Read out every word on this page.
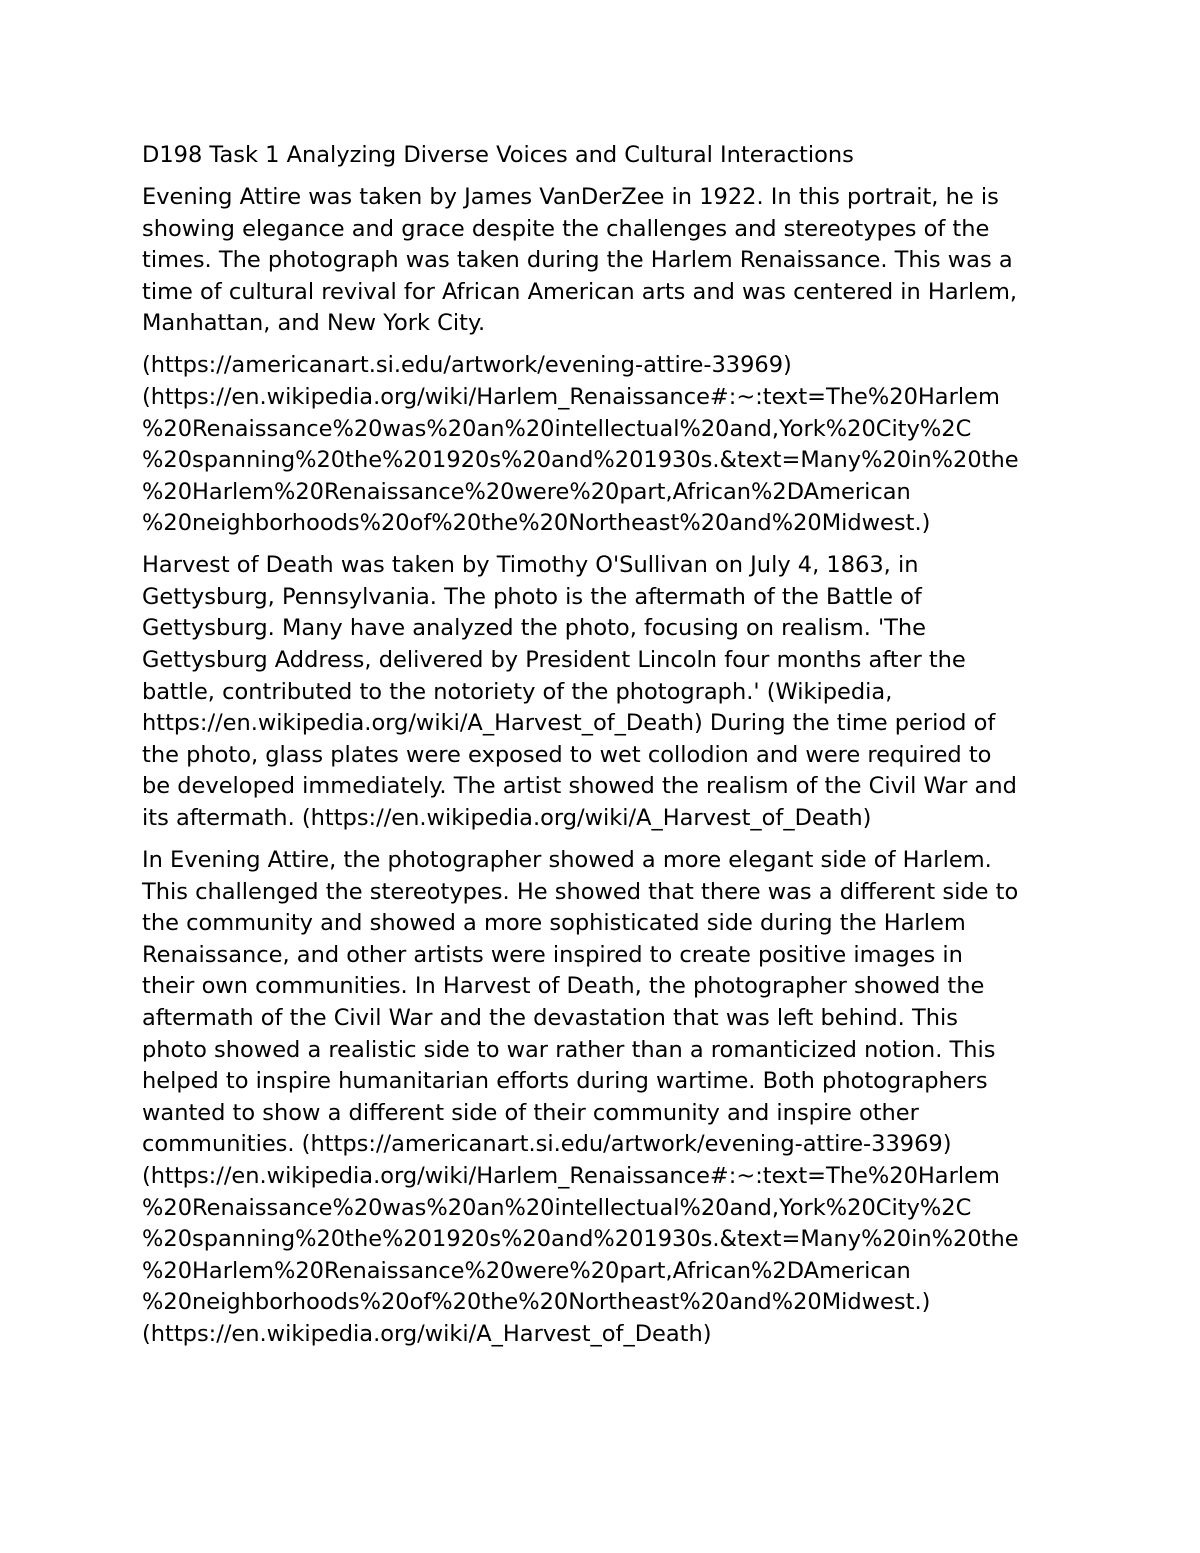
D198 Task 1 Analyzing Diverse Voices and Cultural Interactions
Evening Attire was taken by James VanDerZee in 1922. In this portrait, he is
showing elegance and grace despite the challenges and stereotypes of the
times. The photograph was taken during the Harlem Renaissance. This was a
time of cultural revival for African American arts and was centered in Harlem,
Manhattan, and New York City.
(https://americanart.si.edu/artwork/evening-attire-33969)
(https://en.wikipedia.org/wiki/Harlem_Renaissance#:~:text=The%20Harlem
%20Renaissance%20was%20an%20intellectual%20and,York%20City%2C
%20spanning%20the%201920s%20and%201930s.&text=Many%20in%20the
%20Harlem%20Renaissance%20were%20part,African%2DAmerican
%20neighborhoods%20of%20the%20Northeast%20and%20Midwest.)
Harvest of Death was taken by Timothy O'Sullivan on July 4, 1863, in
Gettysburg, Pennsylvania. The photo is the aftermath of the Battle of
Gettysburg. Many have analyzed the photo, focusing on realism. 'The
Gettysburg Address, delivered by President Lincoln four months after the
battle, contributed to the notoriety of the photograph.' (Wikipedia,
https://en.wikipedia.org/wiki/A_Harvest_of_Death) During the time period of
the photo, glass plates were exposed to wet collodion and were required to
be developed immediately. The artist showed the realism of the Civil War and
its aftermath. (https://en.wikipedia.org/wiki/A_Harvest_of_Death)
In Evening Attire, the photographer showed a more elegant side of Harlem.
This challenged the stereotypes. He showed that there was a different side to
the community and showed a more sophisticated side during the Harlem
Renaissance, and other artists were inspired to create positive images in
their own communities. In Harvest of Death, the photographer showed the
aftermath of the Civil War and the devastation that was left behind. This
photo showed a realistic side to war rather than a romanticized notion. This
helped to inspire humanitarian efforts during wartime. Both photographers
wanted to show a different side of their community and inspire other
communities. (https://americanart.si.edu/artwork/evening-attire-33969)
(https://en.wikipedia.org/wiki/Harlem_Renaissance#:~:text=The%20Harlem
%20Renaissance%20was%20an%20intellectual%20and,York%20City%2C
%20spanning%20the%201920s%20and%201930s.&text=Many%20in%20the
%20Harlem%20Renaissance%20were%20part,African%2DAmerican
%20neighborhoods%20of%20the%20Northeast%20and%20Midwest.)
(https://en.wikipedia.org/wiki/A_Harvest_of_Death)
